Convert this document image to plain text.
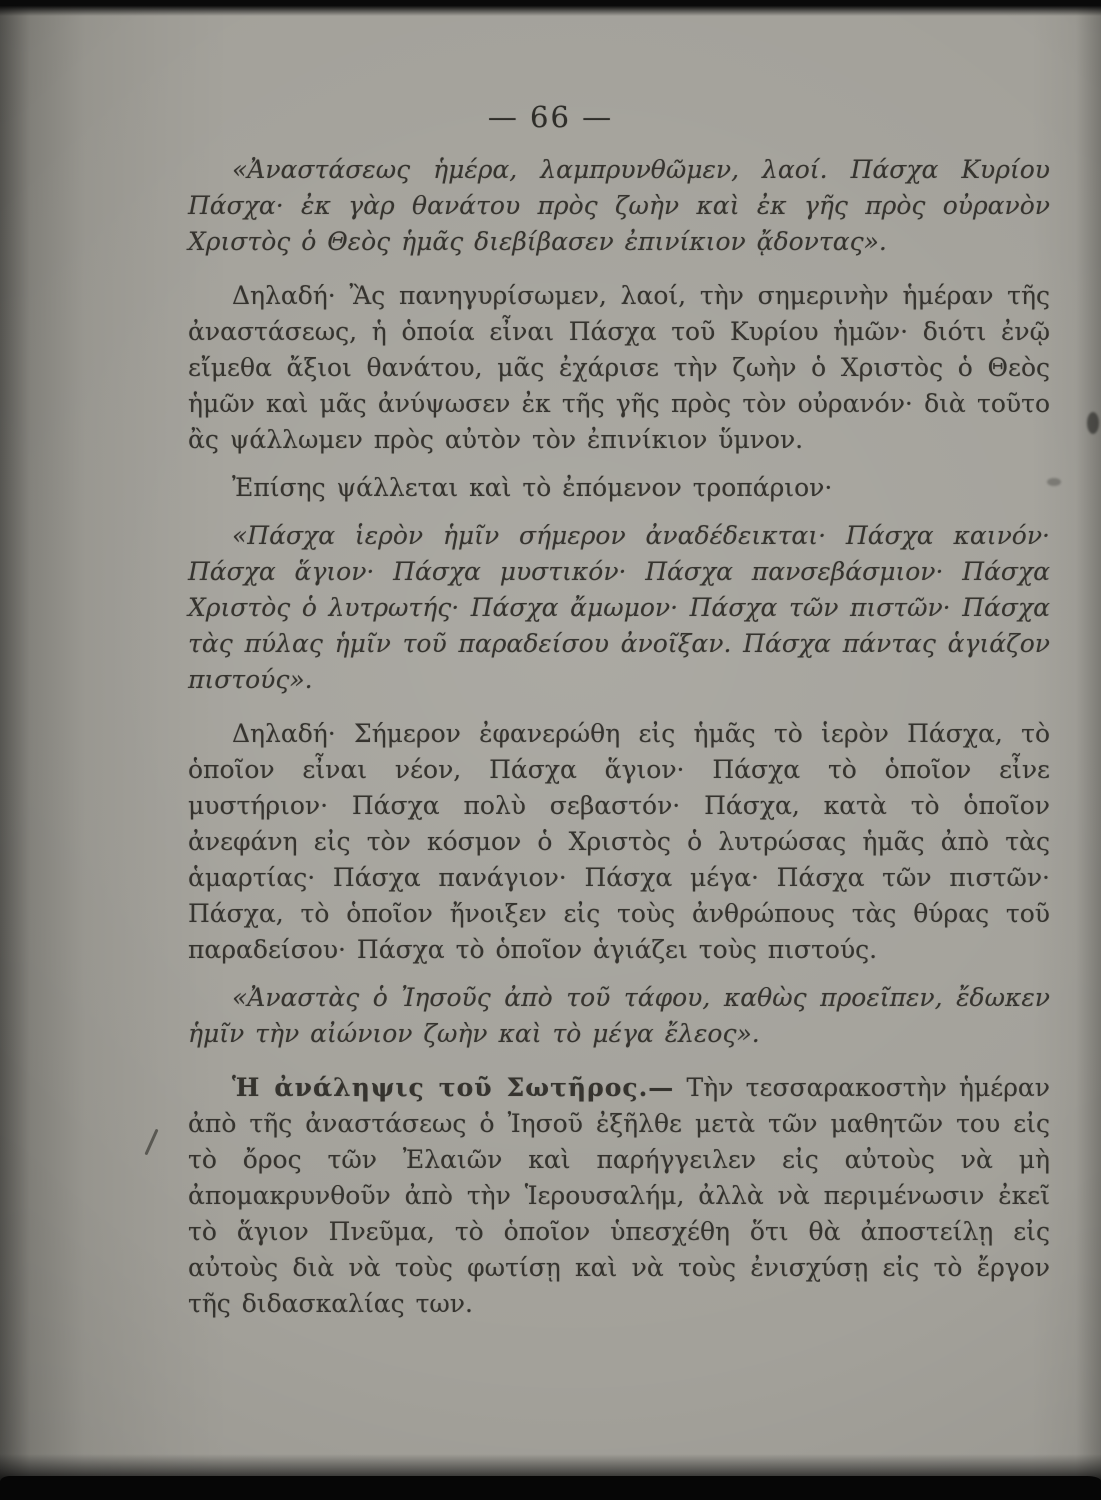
— 66 —

«Ἀναστάσεως ἡμέρα, λαμπρυνθῶμεν, λαοί. Πάσχα Κυρίου Πάσχα· ἐκ γὰρ θανάτου πρὸς ζωὴν καὶ ἐκ γῆς πρὸς οὐρανὸν Χριστὸς ὁ Θεὸς ἡμᾶς διεβίβασεν ἐπινίκιον ᾄδοντας».

Δηλαδή· Ἂς πανηγυρίσωμεν, λαοί, τὴν σημερινὴν ἡμέραν τῆς ἀναστάσεως, ἡ ὁποία εἶναι Πάσχα τοῦ Κυρίου ἡμῶν· διότι ἐνῷ εἴμεθα ἄξιοι θανάτου, μᾶς ἐχάρισε τὴν ζωὴν ὁ Χριστὸς ὁ Θεὸς ἡμῶν καὶ μᾶς ἀνύψωσεν ἐκ τῆς γῆς πρὸς τὸν οὐρανόν· διὰ τοῦτο ἂς ψάλλωμεν πρὸς αὐτὸν τὸν ἐπινίκιον ὕμνον.

Ἐπίσης ψάλλεται καὶ τὸ ἐπόμενον τροπάριον·

«Πάσχα ἱερὸν ἡμῖν σήμερον ἀναδέδεικται· Πάσχα καινόν· Πάσχα ἅγιον· Πάσχα μυστικόν· Πάσχα πανσεβάσμιον· Πάσχα Χριστὸς ὁ λυτρωτής· Πάσχα ἄμωμον· Πάσχα τῶν πιστῶν· Πάσχα τὰς πύλας ἡμῖν τοῦ παραδείσου ἀνοῖξαν. Πάσχα πάντας ἁγιάζον πιστούς».

Δηλαδή· Σήμερον ἐφανερώθη εἰς ἡμᾶς τὸ ἱερὸν Πάσχα, τὸ ὁποῖον εἶναι νέον, Πάσχα ἅγιον· Πάσχα τὸ ὁποῖον εἶνε μυστήριον· Πάσχα πολὺ σεβαστόν· Πάσχα, κατὰ τὸ ὁποῖον ἀνεφάνη εἰς τὸν κόσμον ὁ Χριστὸς ὁ λυτρώσας ἡμᾶς ἀπὸ τὰς ἁμαρτίας· Πάσχα πανάγιον· Πάσχα μέγα· Πάσχα τῶν πιστῶν· Πάσχα, τὸ ὁποῖον ἤνοιξεν εἰς τοὺς ἀνθρώπους τὰς θύρας τοῦ παραδείσου· Πάσχα τὸ ὁποῖον ἁγιάζει τοὺς πιστούς.

«Ἀναστὰς ὁ Ἰησοῦς ἀπὸ τοῦ τάφου, καθὼς προεῖπεν, ἔδωκεν ἡμῖν τὴν αἰώνιον ζωὴν καὶ τὸ μέγα ἔλεος».

Ἡ ἀνάληψις τοῦ Σωτῆρος.— Τὴν τεσσαρακοστὴν ἡμέραν ἀπὸ τῆς ἀναστάσεως ὁ Ἰησοῦ ἐξῆλθε μετὰ τῶν μαθητῶν του εἰς τὸ ὄρος τῶν Ἐλαιῶν καὶ παρήγγειλεν εἰς αὐτοὺς νὰ μὴ ἀπομακρυνθοῦν ἀπὸ τὴν Ἱερουσαλήμ, ἀλλὰ νὰ περιμένωσιν ἐκεῖ τὸ ἅγιον Πνεῦμα, τὸ ὁποῖον ὑπεσχέθη ὅτι θὰ ἀποστείλῃ εἰς αὐτοὺς διὰ νὰ τοὺς φωτίσῃ καὶ νὰ τοὺς ἐνισχύσῃ εἰς τὸ ἔργον τῆς διδασκαλίας των.
